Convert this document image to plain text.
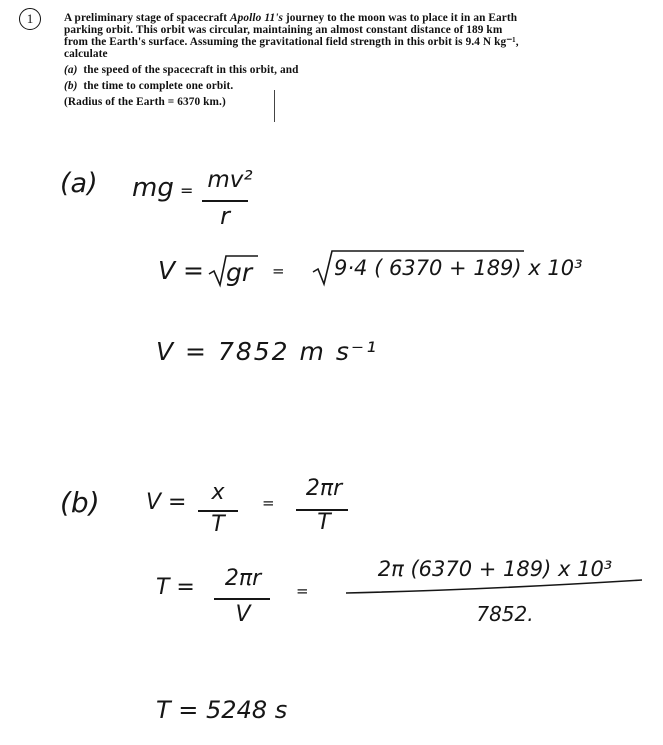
1	A preliminary stage of spacecraft Apollo 11's journey to the moon was to place it in an Earth

parking orbit. This orbit was circular, maintaining an almost constant distance of 189 km

from the Earth's surface. Assuming the gravitational field strength in this orbit is 9.4 N kg⁻¹,

calculate

(a) the speed of the spacecraft in this orbit, and

(b) the time to complete one orbit.

(Radius of the Earth = 6370 km.)

(a) mg = mv²
r
V = gr = 9·4 ( 6370 + 189) x 10³
V = 7852 m s⁻¹
(b) V =	x
T
=
2πr
T
T =	2πr
V
=
2π (6370 + 189) x 10³
7852.
T = 5248 s
